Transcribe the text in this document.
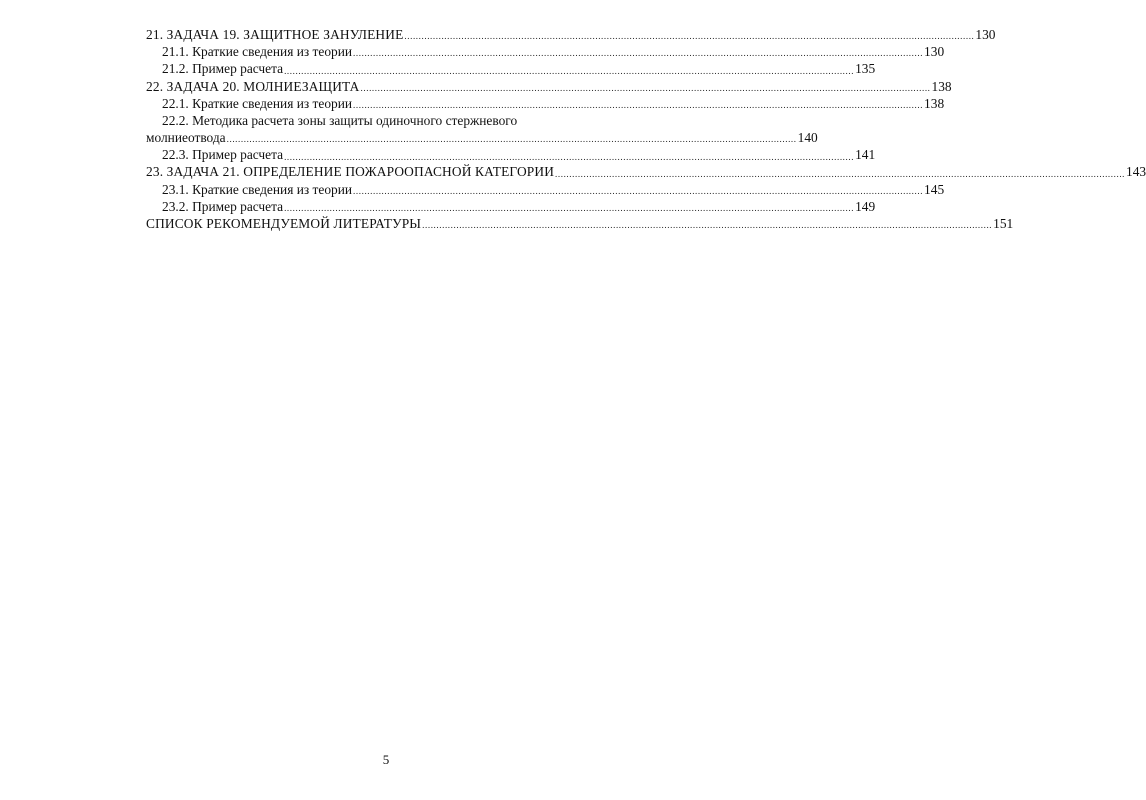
21. ЗАДАЧА 19. ЗАЩИТНОЕ ЗАНУЛЕНИЕ ........................................................................................................................................................................................................ 130
21.1. Краткие сведения из теории ........................................................................................................................................................................................................ 130
21.2. Пример расчета ........................................................................................................................................................................................................ 135
22. ЗАДАЧА 20. МОЛНИЕЗАЩИТА ........................................................................................................................................................................................................ 138
22.1. Краткие сведения из теории ........................................................................................................................................................................................................ 138
22.2. Методика расчета зоны защиты одиночного стержневого
молниеотвода ........................................................................................................................................................................................................ 140
22.3. Пример расчета ........................................................................................................................................................................................................ 141
23. ЗАДАЧА 21. ОПРЕДЕЛЕНИЕ ПОЖАРООПАСНОЙ КАТЕГОРИИ ........................................................................................................................................................................................................ 143
23.1. Краткие сведения из теории ........................................................................................................................................................................................................ 145
23.2. Пример расчета ........................................................................................................................................................................................................ 149
СПИСОК РЕКОМЕНДУЕМОЙ ЛИТЕРАТУРЫ ........................................................................................................................................................................................................ 151
5
